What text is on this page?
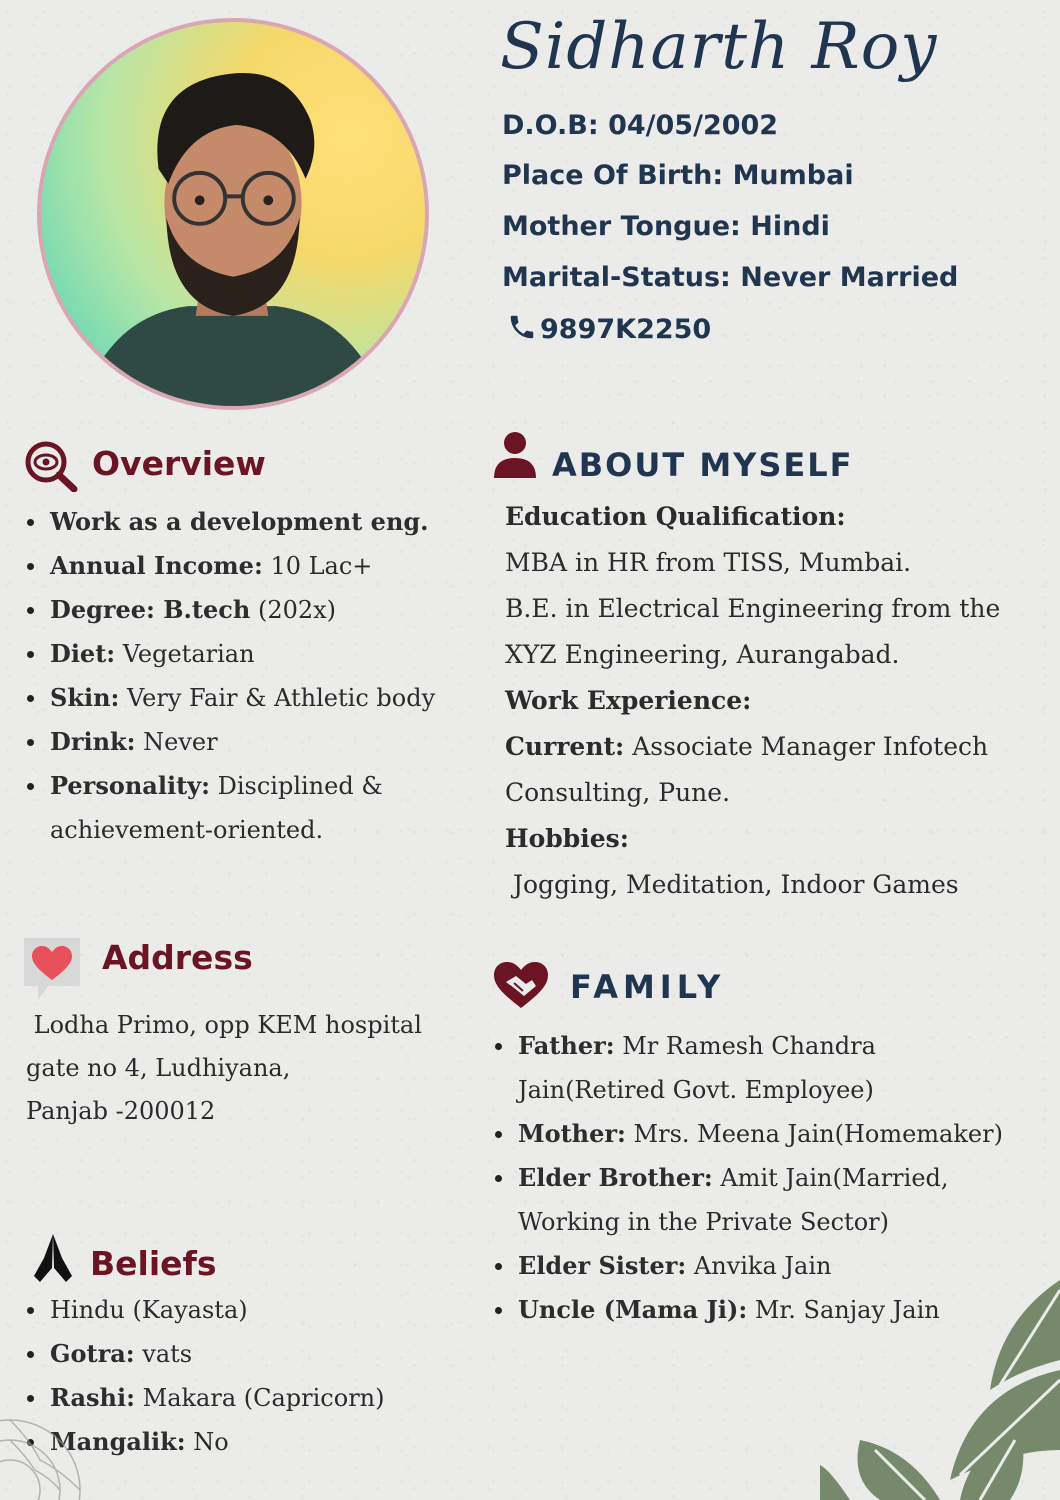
Sidharth Roy
D.O.B: 04/05/2002
Place Of Birth: Mumbai
Mother Tongue: Hindi
Marital-Status: Never Married
9897K2250
Overview
Work as a development eng.
Annual Income: 10 Lac+
Degree: B.tech (202x)
Diet: Vegetarian
Skin: Very Fair & Athletic body
Drink: Never
Personality: Disciplined &
achievement-oriented.
Address
Lodha Primo, opp KEM hospital
gate no 4, Ludhiyana,
Panjab -200012
Beliefs
Hindu (Kayasta)
Gotra: vats
Rashi: Makara (Capricorn)
Mangalik: No
ABOUT MYSELF
Education Qualification:
MBA in HR from TISS, Mumbai.
B.E. in Electrical Engineering from the
XYZ Engineering, Aurangabad.
Work Experience:
Current: Associate Manager Infotech
Consulting, Pune.
Hobbies:
Jogging, Meditation, Indoor Games
FAMILY
Father: Mr Ramesh Chandra
Jain(Retired Govt. Employee)
Mother: Mrs. Meena Jain(Homemaker)
Elder Brother: Amit Jain(Married,
Working in the Private Sector)
Elder Sister: Anvika Jain
Uncle (Mama Ji): Mr. Sanjay Jain
